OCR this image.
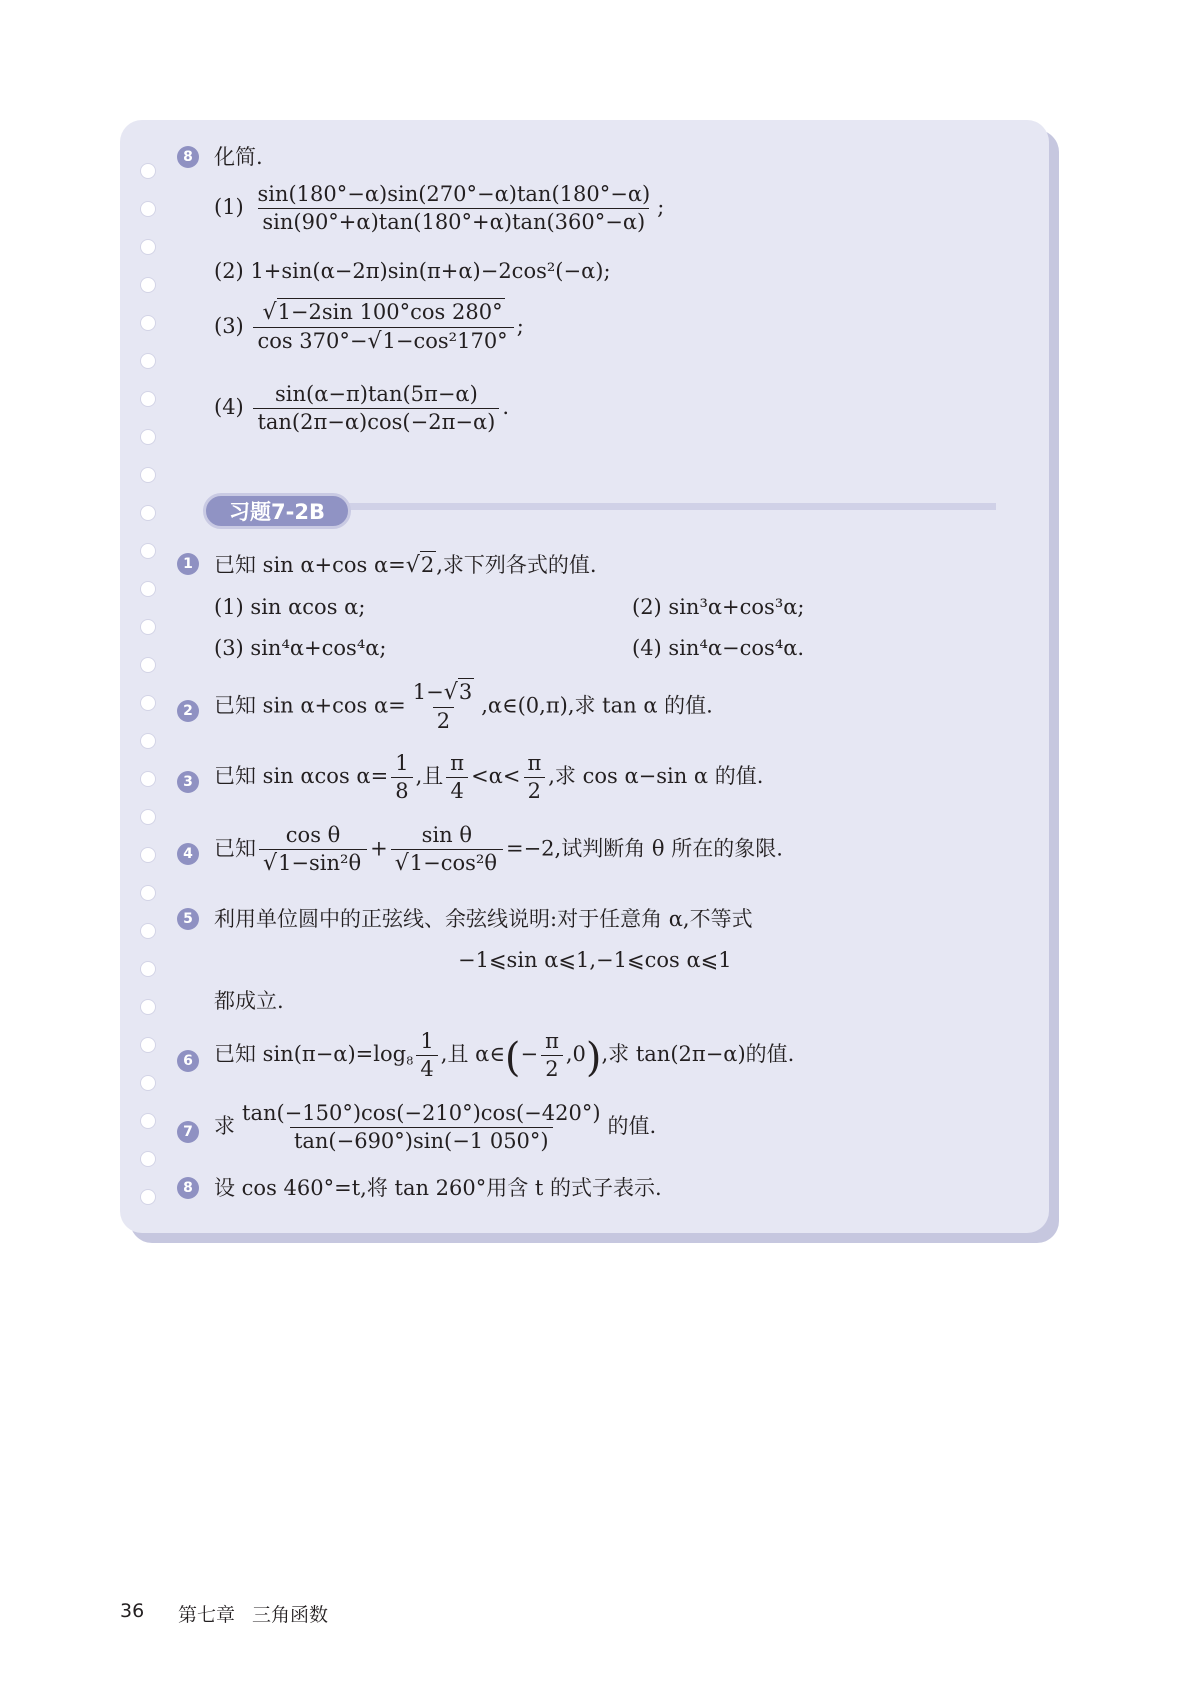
8 化简.
$(1) \frac{\sin(180^\circ-\alpha)\sin(270^\circ-\alpha)\tan(180^\circ-\alpha)}{\sin(90^\circ+\alpha)\tan(180^\circ+\alpha)\tan(360^\circ-\alpha)}$ ;
(2) 1+sin(α−2π)sin(π+α)−2cos²(−α);
$(3) \frac{√1-2\sin 100^\circ\cos 280^\circ}{\text{cos 370°−√1−cos²170°}}$ ;
$(4) \frac{\sin(\alpha-\pi)\tan(5\pi-\alpha)}{\tan(2\pi-\alpha)\cos(-2\pi-\alpha)}$ .
习题7-2B
1 已知 sin α+cos α=√2,求下列各式的值.
(1) sin αcos α;	(2) sin³α+cos³α;
(3) sin⁴α+cos⁴α;	(4) sin⁴α−cos⁴α.
2 已知 sin α+cos $\alpha= \frac{1-√3}{2}$ ,α∈(0,π),求 tan α 的值.
3 已知 sin αcos $\alpha= \frac{1}{8}$ ,且 $\frac{\pi}{4} <\alpha< \frac{\pi}{2}$ ,求 cos α−sin α 的值.
4 已知 $\frac{\text{cos θ}}{\text{√1−sin²θ}} + \frac{\text{sin θ}}{\text{√1−cos²θ}} =-2$,试判断角 θ 所在的象限.
5 利用单位圆中的正弦线、余弦线说明:对于任意角 α,不等式
−1⩽sin α⩽1,−1⩽cos α⩽1
都成立.
6 已知 $\sin(\pi-\alpha)=\log_8 \frac{1}{4}$ ,且 α∈(− $\frac{\pi}{2} ,0$),求 tan(2π−α)的值.
7 求 $\frac{\tan(-150^\circ)\cos(-210^\circ)\cos(-420^\circ)}{\tan(-690^\circ)\sin(-1 050^\circ)}$ 的值.
8 设 cos 460°=t,将 tan 260°用含 t 的式子表示.
36 第七章 三角函数
